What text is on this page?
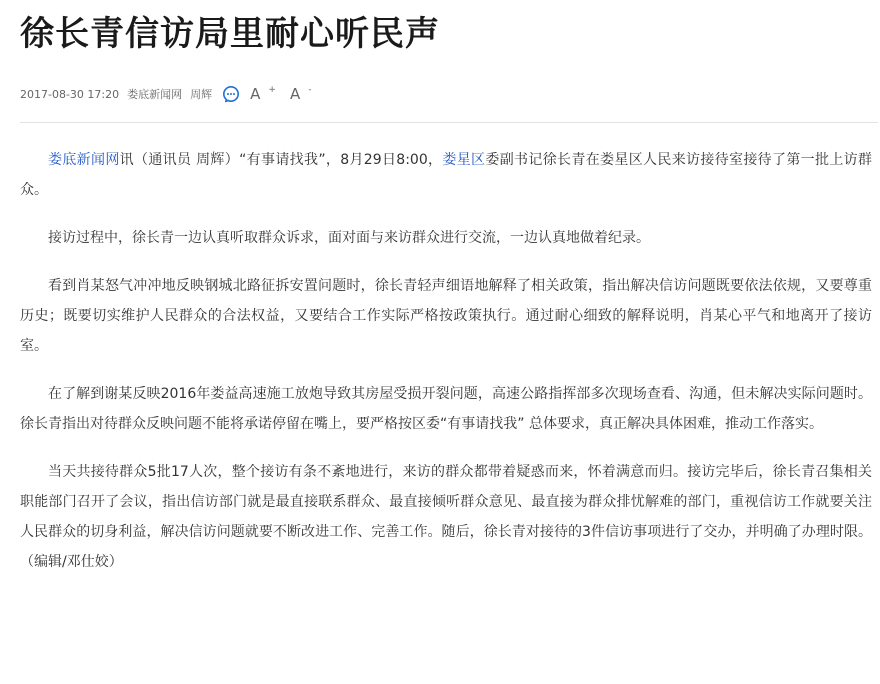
徐长青信访局里耐心听民声
2017-08-30 17:20 娄底新闻网 周辉	A + A -

娄底新闻网讯（通讯员 周辉）“有事请找我”，8月29日8:00，娄星区委副书记徐长青在娄星区人民来访接待室接待了第一批上访群众。

接访过程中，徐长青一边认真听取群众诉求，面对面与来访群众进行交流，一边认真地做着纪录。

看到肖某怒气冲冲地反映钢城北路征拆安置问题时，徐长青轻声细语地解释了相关政策，指出解决信访问题既要依法依规，又要尊重历史；既要切实维护人民群众的合法权益，又要结合工作实际严格按政策执行。通过耐心细致的解释说明，肖某心平气和地离开了接访室。

在了解到谢某反映2016年娄益高速施工放炮导致其房屋受损开裂问题，高速公路指挥部多次现场查看、沟通，但未解决实际问题时。徐长青指出对待群众反映问题不能将承诺停留在嘴上，要严格按区委“有事请找我” 总体要求，真正解决具体困难，推动工作落实。

当天共接待群众5批17人次，整个接访有条不紊地进行，来访的群众都带着疑惑而来，怀着满意而归。接访完毕后，徐长青召集相关职能部门召开了会议，指出信访部门就是最直接联系群众、最直接倾听群众意见、最直接为群众排忧解难的部门，重视信访工作就要关注人民群众的切身利益，解决信访问题就要不断改进工作、完善工作。随后，徐长青对接待的3件信访事项进行了交办，并明确了办理时限。（编辑/邓仕姣）
